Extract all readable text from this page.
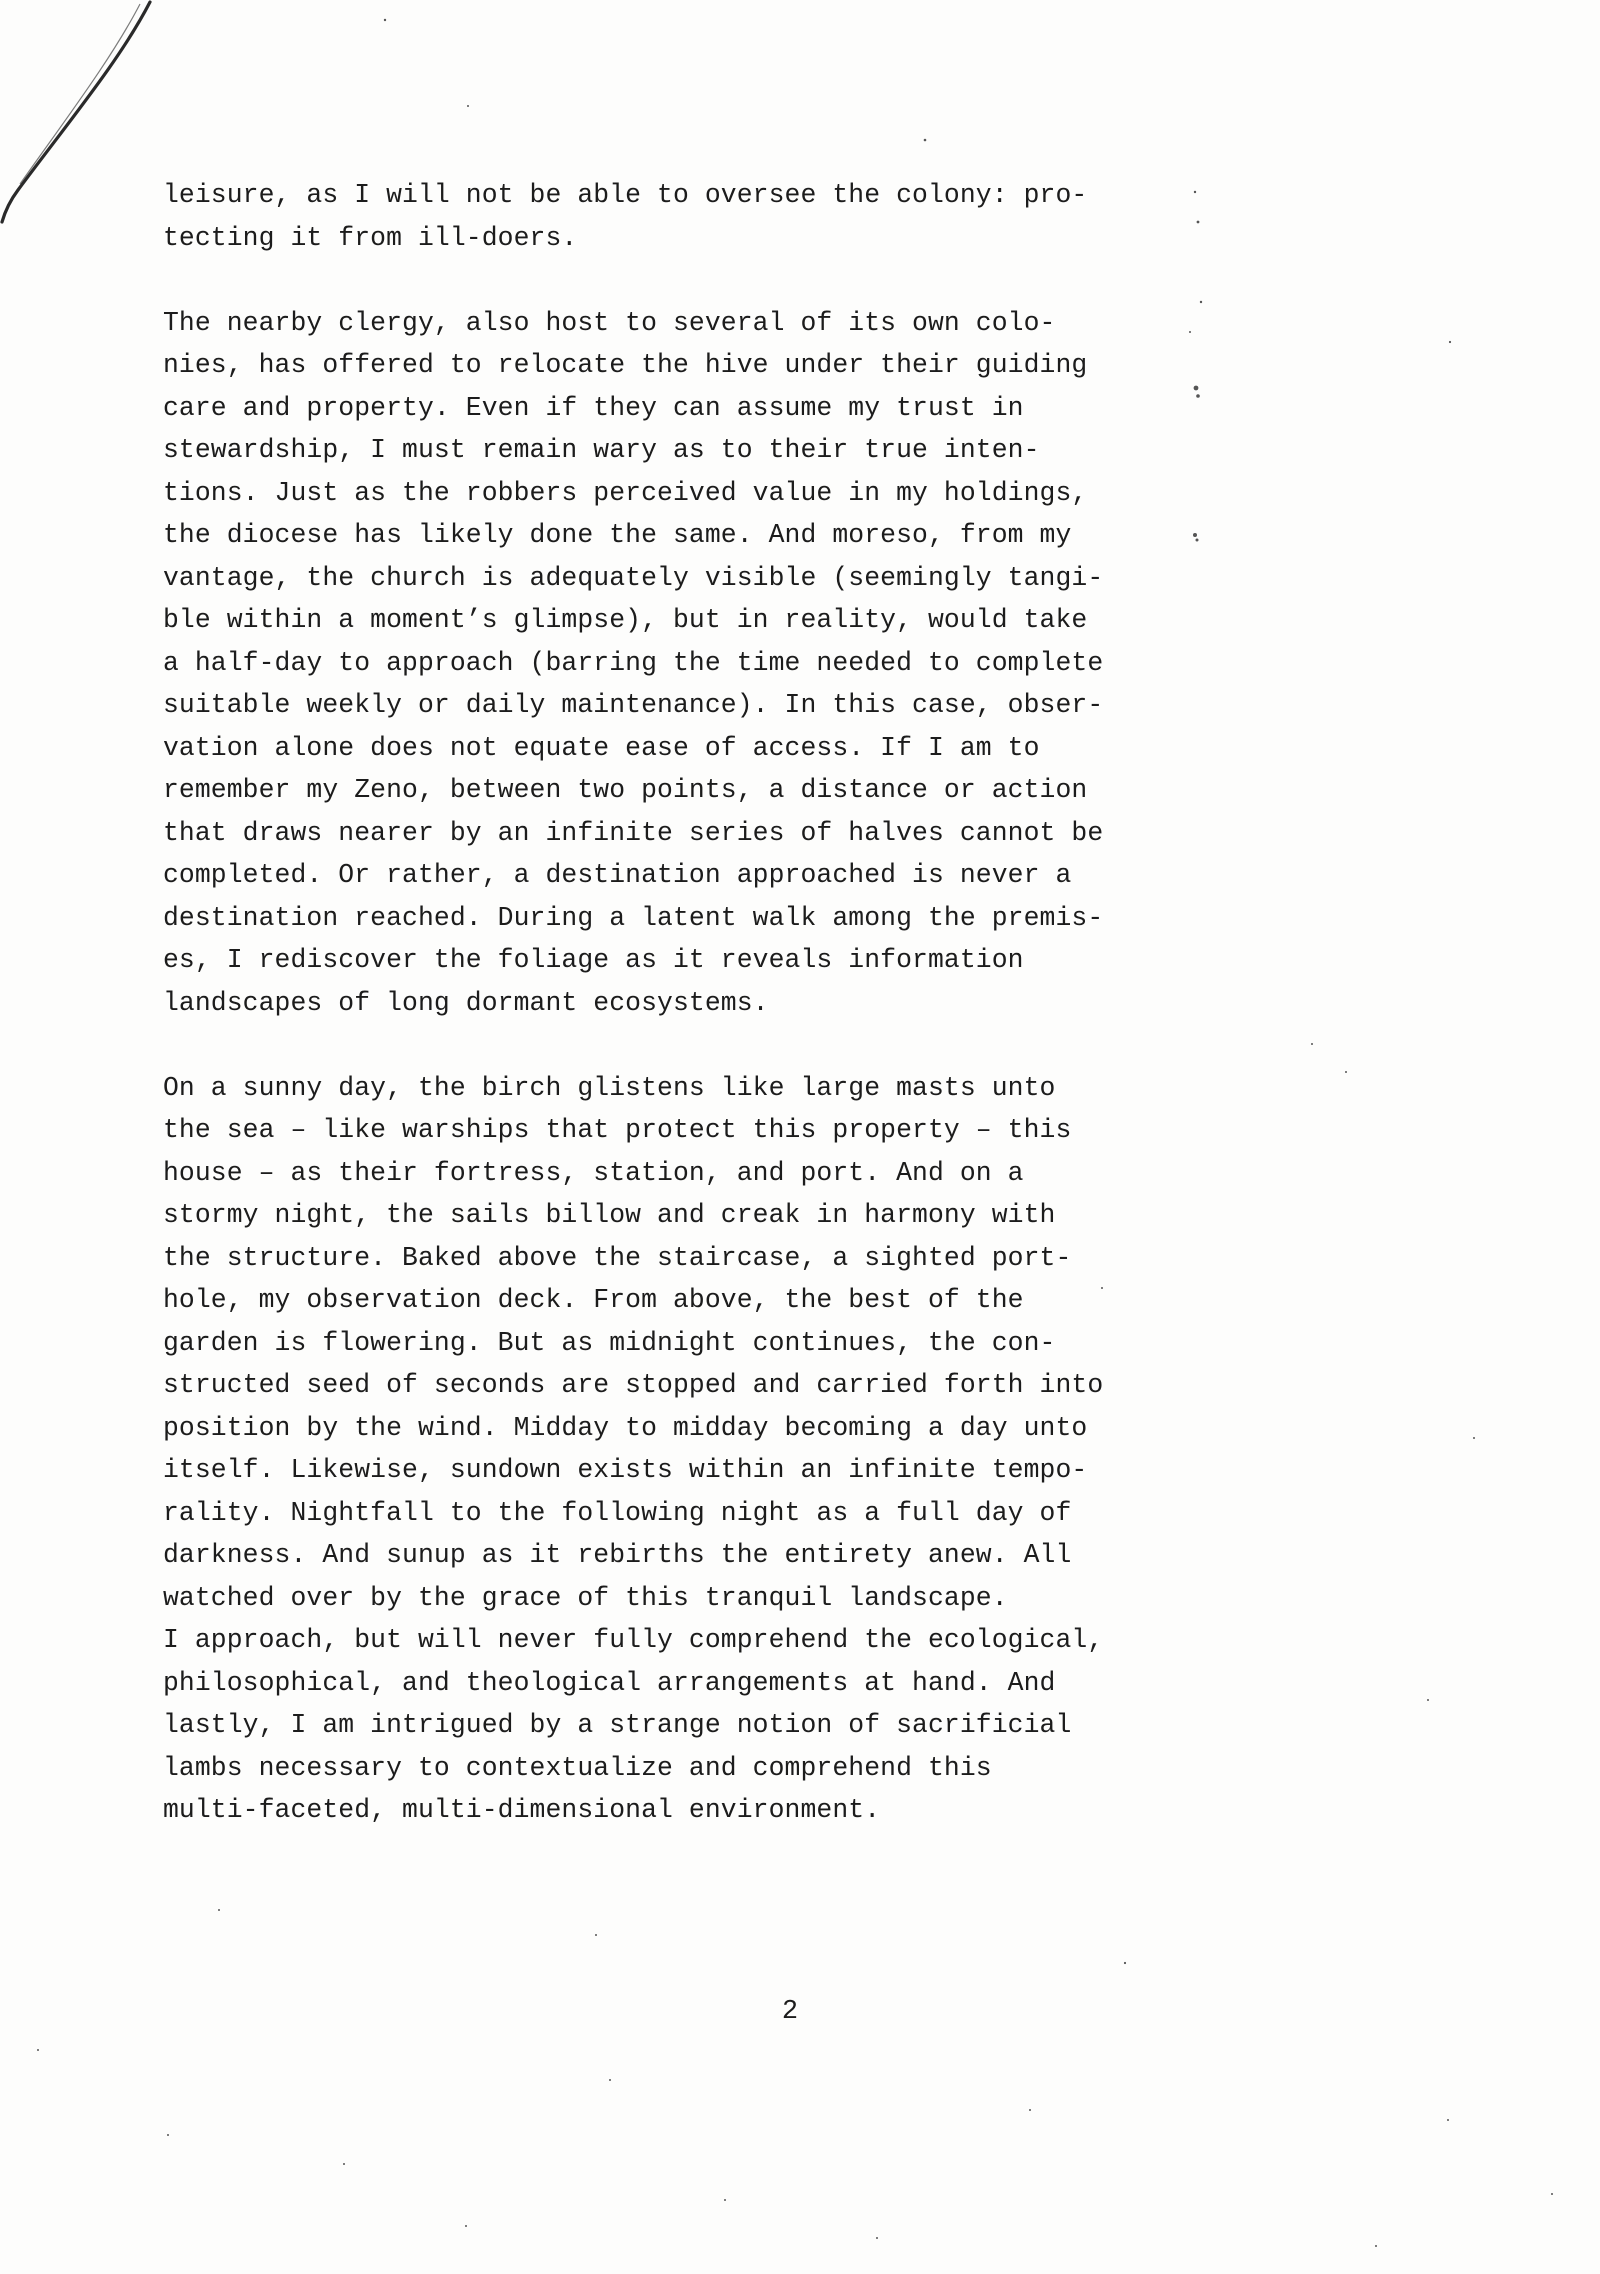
leisure, as I will not be able to oversee the colony: pro-
tecting it from ill-doers.
The nearby clergy, also host to several of its own colo-
nies, has offered to relocate the hive under their guiding
care and property. Even if they can assume my trust in
stewardship, I must remain wary as to their true inten-
tions. Just as the robbers perceived value in my holdings,
the diocese has likely done the same. And moreso, from my
vantage, the church is adequately visible (seemingly tangi-
ble within a moment’s glimpse), but in reality, would take
a half-day to approach (barring the time needed to complete
suitable weekly or daily maintenance). In this case, obser-
vation alone does not equate ease of access. If I am to
remember my Zeno, between two points, a distance or action
that draws nearer by an infinite series of halves cannot be
completed. Or rather, a destination approached is never a
destination reached. During a latent walk among the premis-
es, I rediscover the foliage as it reveals information
landscapes of long dormant ecosystems.
On a sunny day, the birch glistens like large masts unto
the sea – like warships that protect this property – this
house – as their fortress, station, and port. And on a
stormy night, the sails billow and creak in harmony with
the structure. Baked above the staircase, a sighted port-
hole, my observation deck. From above, the best of the
garden is flowering. But as midnight continues, the con-
structed seed of seconds are stopped and carried forth into
position by the wind. Midday to midday becoming a day unto
itself. Likewise, sundown exists within an infinite tempo-
rality. Nightfall to the following night as a full day of
darkness. And sunup as it rebirths the entirety anew. All
watched over by the grace of this tranquil landscape.
I approach, but will never fully comprehend the ecological,
philosophical, and theological arrangements at hand. And
lastly, I am intrigued by a strange notion of sacrificial
lambs necessary to contextualize and comprehend this
multi-faceted, multi-dimensional environment.
2
